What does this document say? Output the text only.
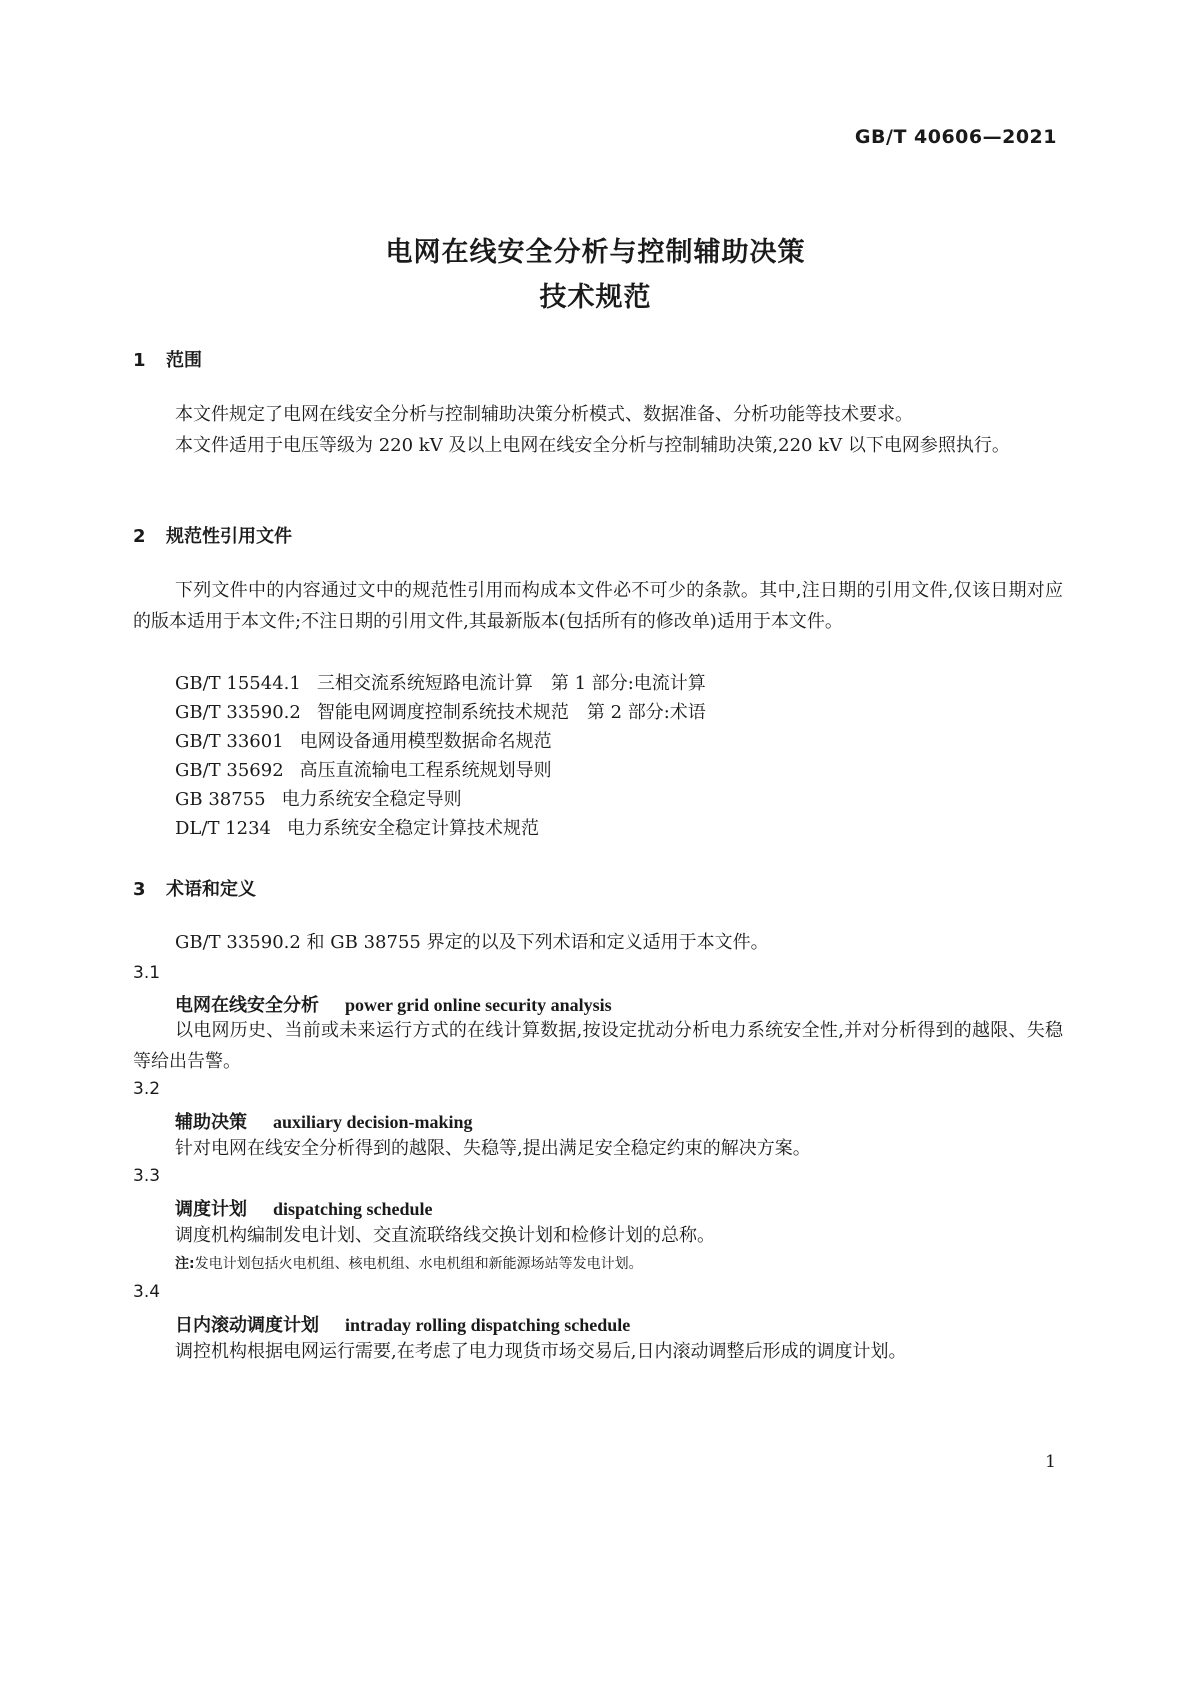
GB/T 40606—2021
电网在线安全分析与控制辅助决策
技术规范
1 范围
本文件规定了电网在线安全分析与控制辅助决策分析模式、数据准备、分析功能等技术要求。
本文件适用于电压等级为 220 kV 及以上电网在线安全分析与控制辅助决策,220 kV 以下电网参照执行。
2 规范性引用文件
下列文件中的内容通过文中的规范性引用而构成本文件必不可少的条款。其中,注日期的引用文件,仅该日期对应的版本适用于本文件;不注日期的引用文件,其最新版本(包括所有的修改单)适用于本文件。
GB/T 15544.1 三相交流系统短路电流计算　第 1 部分:电流计算
GB/T 33590.2 智能电网调度控制系统技术规范　第 2 部分:术语
GB/T 33601 电网设备通用模型数据命名规范
GB/T 35692 高压直流输电工程系统规划导则
GB 38755 电力系统安全稳定导则
DL/T 1234 电力系统安全稳定计算技术规范
3 术语和定义
GB/T 33590.2 和 GB 38755 界定的以及下列术语和定义适用于本文件。
3.1
电网在线安全分析 power grid online security analysis
以电网历史、当前或未来运行方式的在线计算数据,按设定扰动分析电力系统安全性,并对分析得到的越限、失稳等给出告警。
3.2
辅助决策 auxiliary decision-making
针对电网在线安全分析得到的越限、失稳等,提出满足安全稳定约束的解决方案。
3.3
调度计划 dispatching schedule
调度机构编制发电计划、交直流联络线交换计划和检修计划的总称。
注:发电计划包括火电机组、核电机组、水电机组和新能源场站等发电计划。
3.4
日内滚动调度计划 intraday rolling dispatching schedule
调控机构根据电网运行需要,在考虑了电力现货市场交易后,日内滚动调整后形成的调度计划。
1
